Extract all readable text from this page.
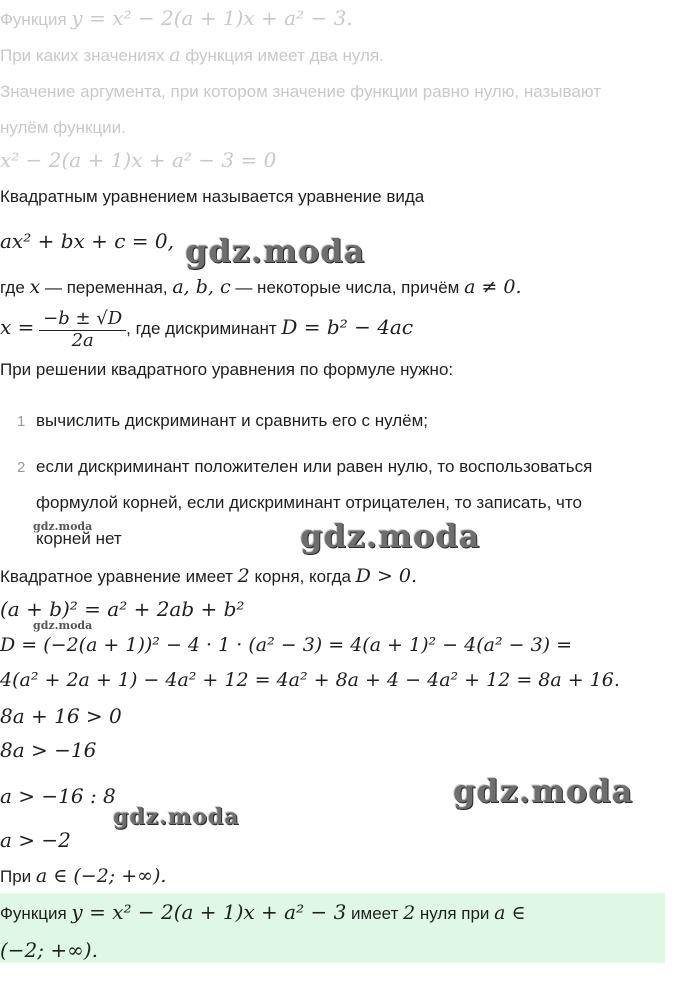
Функция y = x² − 2(a + 1)x + a² − 3.
При каких значениях a функция имеет два нуля.
Значение аргумента, при котором значение функции равно нулю, называют
нулём функции.
x² − 2(a + 1)x + a² − 3 = 0
Квадратным уравнением называется уравнение вида
ax² + bx + c = 0,
где x — переменная, a, b, c — некоторые числа, причём a ≠ 0.
$x = \frac{-b \pm √D}{2a}$ , где дискриминант D = b² − 4ac
При решении квадратного уравнения по формуле нужно:
1 вычислить дискриминант и сравнить его с нулём;
2 если дискриминант положителен или равен нулю, то воспользоваться
формулой корней, если дискриминант отрицателен, то записать, что
корней нет
Квадратное уравнение имеет 2 корня, когда D > 0.
(a + b)² = a² + 2ab + b²
D = (−2(a + 1))² − 4 · 1 · (a² − 3) = 4(a + 1)² − 4(a² − 3) =
4(a² + 2a + 1) − 4a² + 12 = 4a² + 8a + 4 − 4a² + 12 = 8a + 16.
8a + 16 > 0
8a > −16
a > −16 : 8
a > −2
При a ∈ (−2; +∞).
Функция y = x² − 2(a + 1)x + a² − 3 имеет 2 нуля при a ∈
(−2; +∞).
gdz.moda
gdz.moda
gdz.moda
gdz.moda
gdz.moda
gdz.moda
